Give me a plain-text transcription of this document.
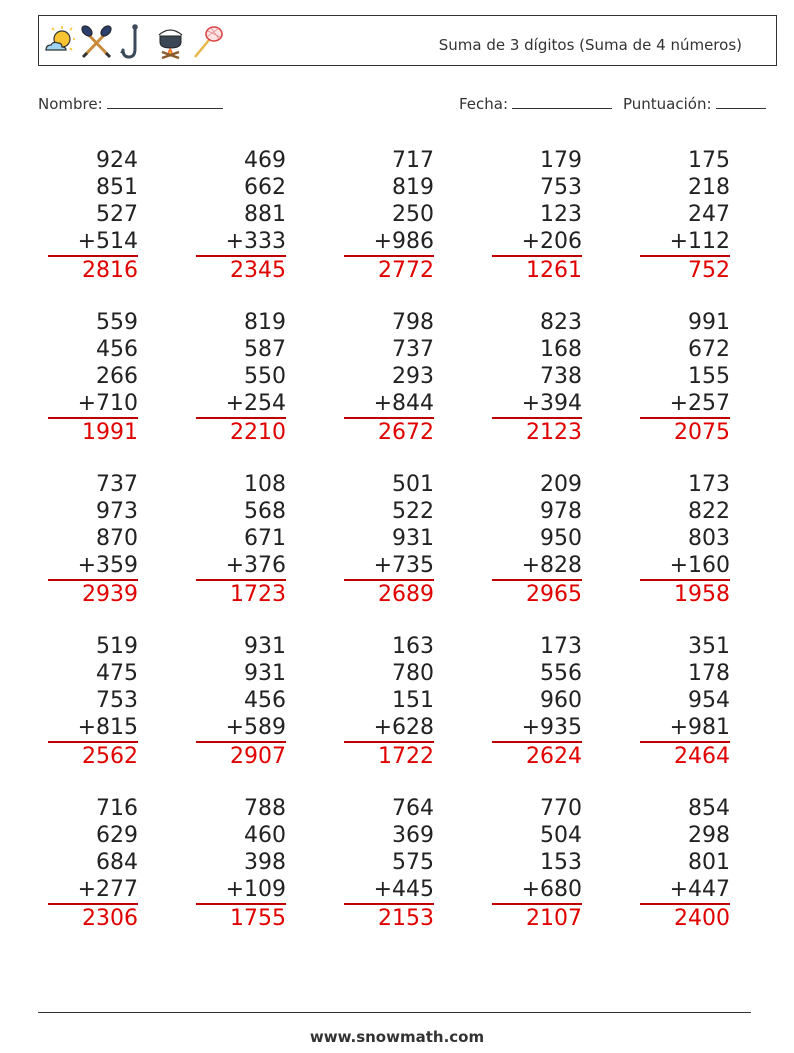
Suma de 3 dígitos (Suma de 4 números)
Nombre:	Fecha:	Puntuación:
924
851
527
+514
2816
469
662
881
+333
2345
717
819
250
+986
2772
179
753
123
+206
1261
175
218
247
+112
752
559
456
266
+710
1991
819
587
550
+254
2210
798
737
293
+844
2672
823
168
738
+394
2123
991
672
155
+257
2075
737
973
870
+359
2939
108
568
671
+376
1723
501
522
931
+735
2689
209
978
950
+828
2965
173
822
803
+160
1958
519
475
753
+815
2562
931
931
456
+589
2907
163
780
151
+628
1722
173
556
960
+935
2624
351
178
954
+981
2464
716
629
684
+277
2306
788
460
398
+109
1755
764
369
575
+445
2153
770
504
153
+680
2107
854
298
801
+447
2400
www.snowmath.com
